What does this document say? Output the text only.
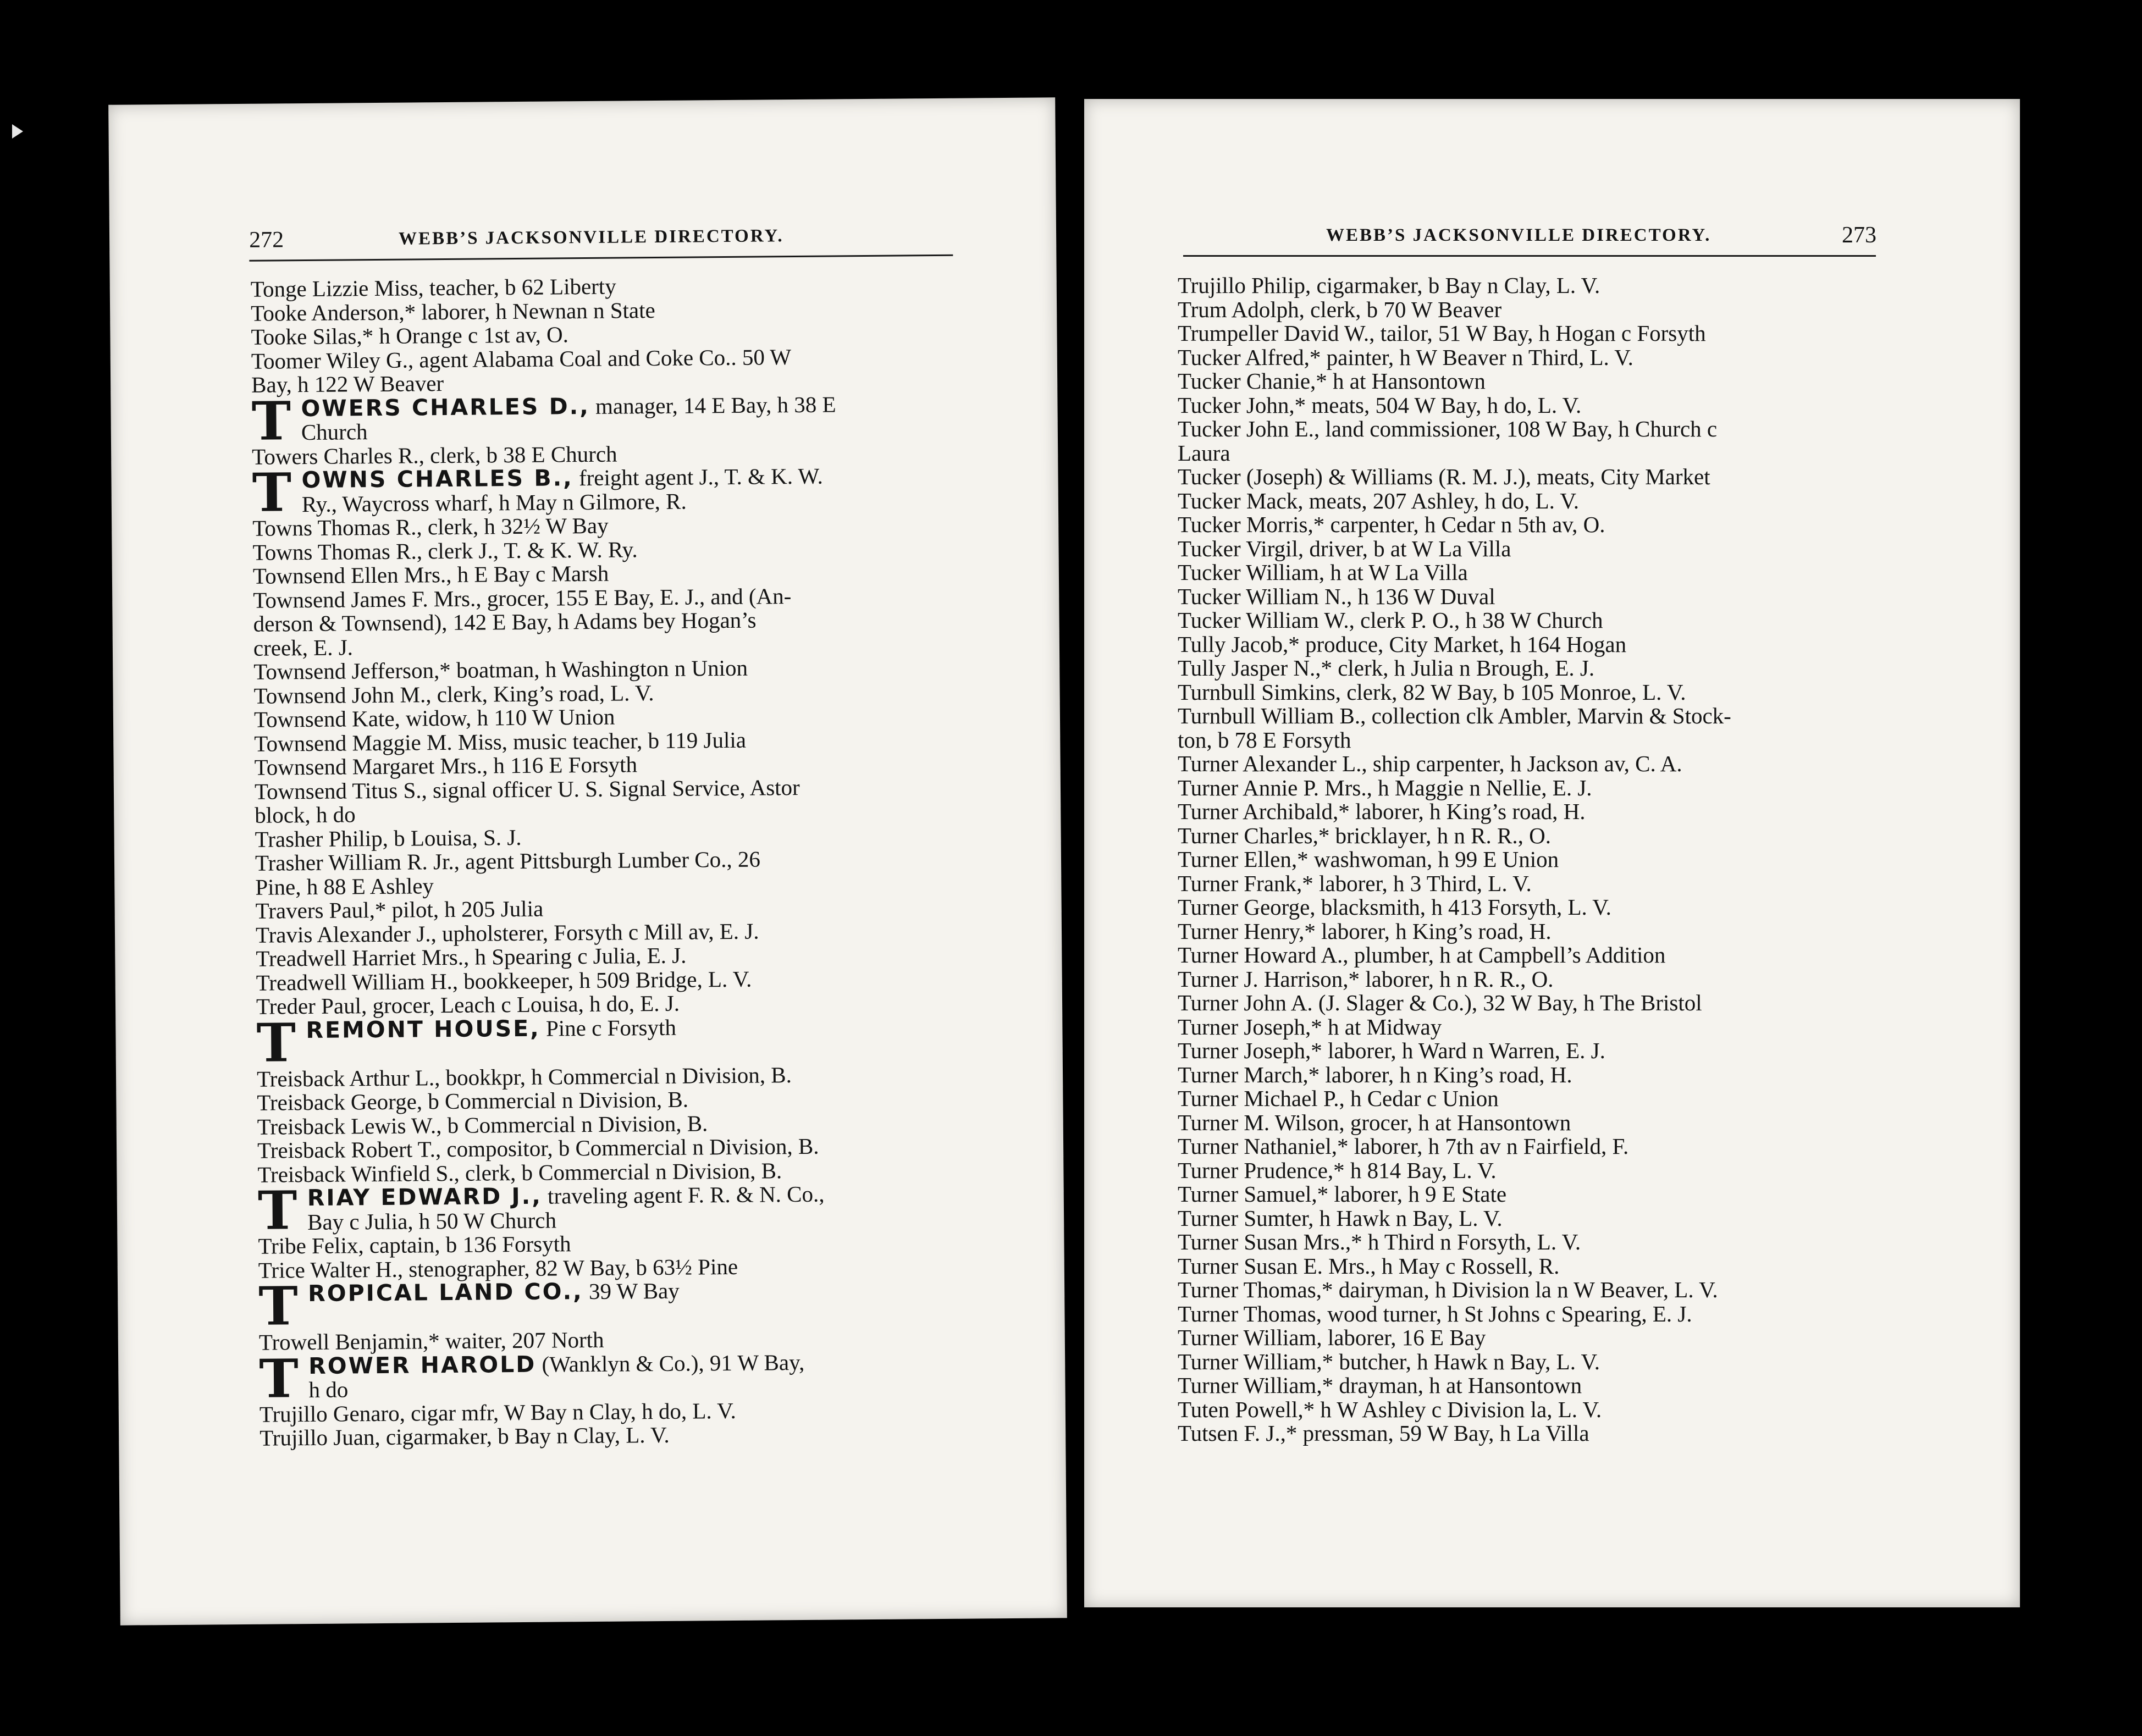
272	WEBB’S JACKSONVILLE DIRECTORY.
Tonge Lizzie Miss, teacher, b 62 Liberty
Tooke Anderson,* laborer, h Newnan n State
Tooke Silas,* h Orange c 1st av, O.
Toomer Wiley G., agent Alabama Coal and Coke Co.. 50 W
Bay, h 122 W Beaver
T OWERS CHARLES D., manager, 14 E Bay, h 38 E
Church
Towers Charles R., clerk, b 38 E Church
T OWNS CHARLES B., freight agent J., T. & K. W.
Ry., Waycross wharf, h May n Gilmore, R.
Towns Thomas R., clerk, h 32½ W Bay
Towns Thomas R., clerk J., T. & K. W. Ry.
Townsend Ellen Mrs., h E Bay c Marsh
Townsend James F. Mrs., grocer, 155 E Bay, E. J., and (An-
derson & Townsend), 142 E Bay, h Adams bey Hogan’s
creek, E. J.
Townsend Jefferson,* boatman, h Washington n Union
Townsend John M., clerk, King’s road, L. V.
Townsend Kate, widow, h 110 W Union
Townsend Maggie M. Miss, music teacher, b 119 Julia
Townsend Margaret Mrs., h 116 E Forsyth
Townsend Titus S., signal officer U. S. Signal Service, Astor
block, h do
Trasher Philip, b Louisa, S. J.
Trasher William R. Jr., agent Pittsburgh Lumber Co., 26
Pine, h 88 E Ashley
Travers Paul,* pilot, h 205 Julia
Travis Alexander J., upholsterer, Forsyth c Mill av, E. J.
Treadwell Harriet Mrs., h Spearing c Julia, E. J.
Treadwell William H., bookkeeper, h 509 Bridge, L. V.
Treder Paul, grocer, Leach c Louisa, h do, E. J.
T REMONT HOUSE, Pine c Forsyth
Treisback Arthur L., bookkpr, h Commercial n Division, B.
Treisback George, b Commercial n Division, B.
Treisback Lewis W., b Commercial n Division, B.
Treisback Robert T., compositor, b Commercial n Division, B.
Treisback Winfield S., clerk, b Commercial n Division, B.
T RIAY EDWARD J., traveling agent F. R. & N. Co.,
Bay c Julia, h 50 W Church
Tribe Felix, captain, b 136 Forsyth
Trice Walter H., stenographer, 82 W Bay, b 63½ Pine
T ROPICAL LAND CO., 39 W Bay
Trowell Benjamin,* waiter, 207 North
T ROWER HAROLD (Wanklyn & Co.), 91 W Bay,
h do
Trujillo Genaro, cigar mfr, W Bay n Clay, h do, L. V.
Trujillo Juan, cigarmaker, b Bay n Clay, L. V.
WEBB’S JACKSONVILLE DIRECTORY.	273
Trujillo Philip, cigarmaker, b Bay n Clay, L. V.
Trum Adolph, clerk, b 70 W Beaver
Trumpeller David W., tailor, 51 W Bay, h Hogan c Forsyth
Tucker Alfred,* painter, h W Beaver n Third, L. V.
Tucker Chanie,* h at Hansontown
Tucker John,* meats, 504 W Bay, h do, L. V.
Tucker John E., land commissioner, 108 W Bay, h Church c
Laura
Tucker (Joseph) & Williams (R. M. J.), meats, City Market
Tucker Mack, meats, 207 Ashley, h do, L. V.
Tucker Morris,* carpenter, h Cedar n 5th av, O.
Tucker Virgil, driver, b at W La Villa
Tucker William, h at W La Villa
Tucker William N., h 136 W Duval
Tucker William W., clerk P. O., h 38 W Church
Tully Jacob,* produce, City Market, h 164 Hogan
Tully Jasper N.,* clerk, h Julia n Brough, E. J.
Turnbull Simkins, clerk, 82 W Bay, b 105 Monroe, L. V.
Turnbull William B., collection clk Ambler, Marvin & Stock-
ton, b 78 E Forsyth
Turner Alexander L., ship carpenter, h Jackson av, C. A.
Turner Annie P. Mrs., h Maggie n Nellie, E. J.
Turner Archibald,* laborer, h King’s road, H.
Turner Charles,* bricklayer, h n R. R., O.
Turner Ellen,* washwoman, h 99 E Union
Turner Frank,* laborer, h 3 Third, L. V.
Turner George, blacksmith, h 413 Forsyth, L. V.
Turner Henry,* laborer, h King’s road, H.
Turner Howard A., plumber, h at Campbell’s Addition
Turner J. Harrison,* laborer, h n R. R., O.
Turner John A. (J. Slager & Co.), 32 W Bay, h The Bristol
Turner Joseph,* h at Midway
Turner Joseph,* laborer, h Ward n Warren, E. J.
Turner March,* laborer, h n King’s road, H.
Turner Michael P., h Cedar c Union
Turner M. Wilson, grocer, h at Hansontown
Turner Nathaniel,* laborer, h 7th av n Fairfield, F.
Turner Prudence,* h 814 Bay, L. V.
Turner Samuel,* laborer, h 9 E State
Turner Sumter, h Hawk n Bay, L. V.
Turner Susan Mrs.,* h Third n Forsyth, L. V.
Turner Susan E. Mrs., h May c Rossell, R.
Turner Thomas,* dairyman, h Division la n W Beaver, L. V.
Turner Thomas, wood turner, h St Johns c Spearing, E. J.
Turner William, laborer, 16 E Bay
Turner William,* butcher, h Hawk n Bay, L. V.
Turner William,* drayman, h at Hansontown
Tuten Powell,* h W Ashley c Division la, L. V.
Tutsen F. J.,* pressman, 59 W Bay, h La Villa
